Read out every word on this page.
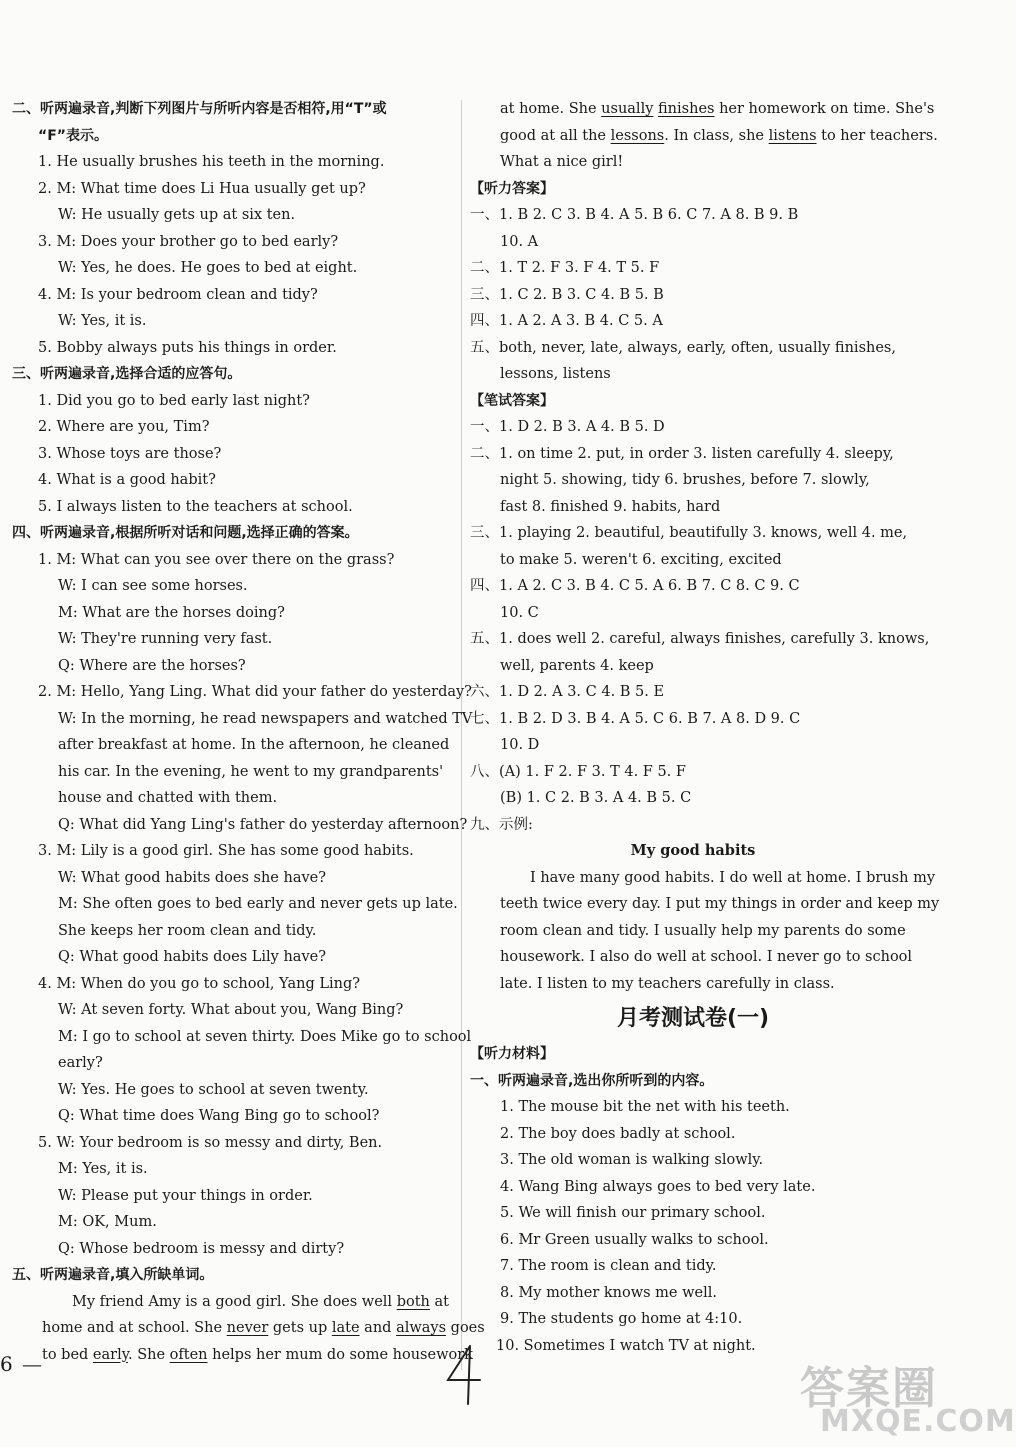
二、听两遍录音,判断下列图片与所听内容是否相符,用“T”或
“F”表示。
1. He usually brushes his teeth in the morning.
2. M: What time does Li Hua usually get up?
W: He usually gets up at six ten.
3. M: Does your brother go to bed early?
W: Yes, he does. He goes to bed at eight.
4. M: Is your bedroom clean and tidy?
W: Yes, it is.
5. Bobby always puts his things in order.
三、听两遍录音,选择合适的应答句。
1. Did you go to bed early last night?
2. Where are you, Tim?
3. Whose toys are those?
4. What is a good habit?
5. I always listen to the teachers at school.
四、听两遍录音,根据所听对话和问题,选择正确的答案。
1. M: What can you see over there on the grass?
W: I can see some horses.
M: What are the horses doing?
W: They're running very fast.
Q: Where are the horses?
2. M: Hello, Yang Ling. What did your father do yesterday?
W: In the morning, he read newspapers and watched TV
after breakfast at home. In the afternoon, he cleaned
his car. In the evening, he went to my grandparents'
house and chatted with them.
Q: What did Yang Ling's father do yesterday afternoon?
3. M: Lily is a good girl. She has some good habits.
W: What good habits does she have?
M: She often goes to bed early and never gets up late.
She keeps her room clean and tidy.
Q: What good habits does Lily have?
4. M: When do you go to school, Yang Ling?
W: At seven forty. What about you, Wang Bing?
M: I go to school at seven thirty. Does Mike go to school
early?
W: Yes. He goes to school at seven twenty.
Q: What time does Wang Bing go to school?
5. W: Your bedroom is so messy and dirty, Ben.
M: Yes, it is.
W: Please put your things in order.
M: OK, Mum.
Q: Whose bedroom is messy and dirty?
五、听两遍录音,填入所缺单词。
My friend Amy is a good girl. She does well both at
home and at school. She never gets up late and always goes
to bed early. She often helps her mum do some housework
at home. She usually finishes her homework on time. She's
good at all the lessons. In class, she listens to her teachers.
What a nice girl!
【听力答案】
一、1. B 2. C 3. B 4. A 5. B 6. C 7. A 8. B 9. B
10. A
二、1. T 2. F 3. F 4. T 5. F
三、1. C 2. B 3. C 4. B 5. B
四、1. A 2. A 3. B 4. C 5. A
五、both, never, late, always, early, often, usually finishes,
lessons, listens
【笔试答案】
一、1. D 2. B 3. A 4. B 5. D
二、1. on time 2. put, in order 3. listen carefully 4. sleepy,
night 5. showing, tidy 6. brushes, before 7. slowly,
fast 8. finished 9. habits, hard
三、1. playing 2. beautiful, beautifully 3. knows, well 4. me,
to make 5. weren't 6. exciting, excited
四、1. A 2. C 3. B 4. C 5. A 6. B 7. C 8. C 9. C
10. C
五、1. does well 2. careful, always finishes, carefully 3. knows,
well, parents 4. keep
六、1. D 2. A 3. C 4. B 5. E
七、1. B 2. D 3. B 4. A 5. C 6. B 7. A 8. D 9. C
10. D
八、(A) 1. F 2. F 3. T 4. F 5. F
(B) 1. C 2. B 3. A 4. B 5. C
九、示例:
My good habits
I have many good habits. I do well at home. I brush my
teeth twice every day. I put my things in order and keep my
room clean and tidy. I usually help my parents do some
housework. I also do well at school. I never go to school
late. I listen to my teachers carefully in class.
月考测试卷(一)
【听力材料】
一、听两遍录音,选出你所听到的内容。
1. The mouse bit the net with his teeth.
2. The boy does badly at school.
3. The old woman is walking slowly.
4. Wang Bing always goes to bed very late.
5. We will finish our primary school.
6. Mr Green usually walks to school.
7. The room is clean and tidy.
8. My mother knows me well.
9. The students go home at 4:10.
10. Sometimes I watch TV at night.
6 —	答案圈
MXQE.COM
